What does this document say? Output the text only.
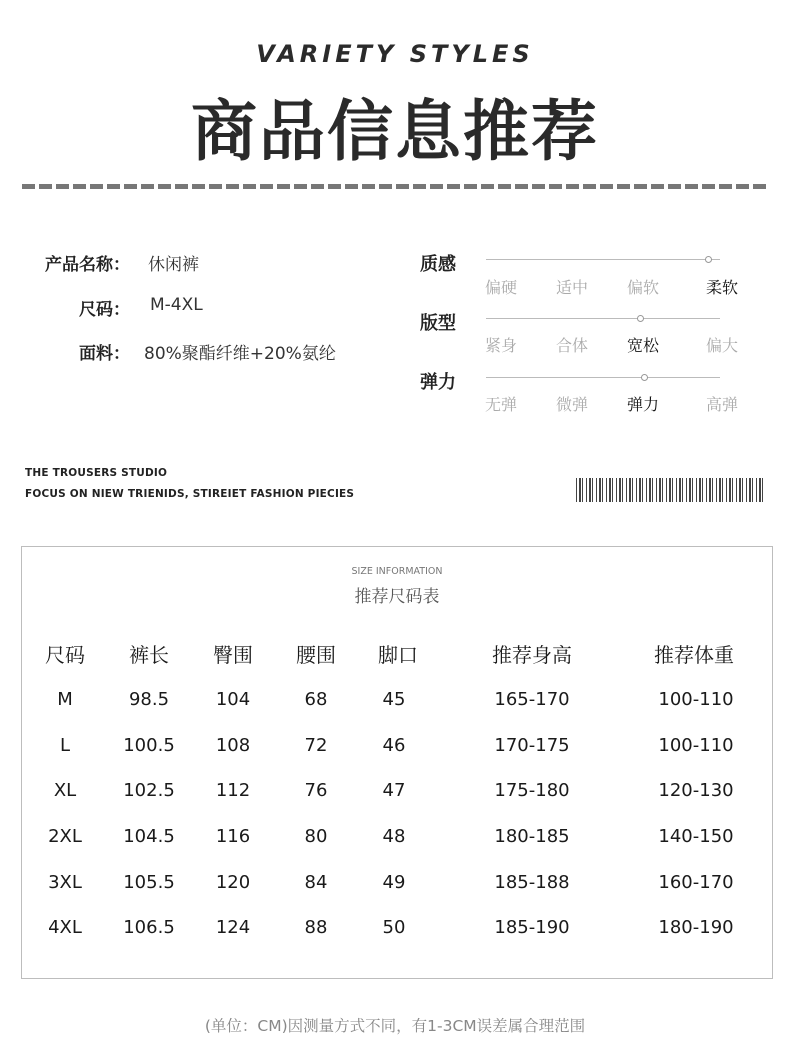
VARIETY STYLES
商品信息推荐
产品名称： 休闲裤
尺码： M-4XL
面料： 80%聚酯纤维+20%氨纶
质感
偏硬	适中	偏软	柔软
版型
紧身	合体	宽松	偏大
弹力
无弹	微弹	弹力	高弹
THE TROUSERS STUDIO
FOCUS ON NIEW TRIENIDS, STIREIET FASHION PIECIES
SIZE INFORMATION
推荐尺码表
尺码 裤长 臀围 腰围 脚口	推荐身高	推荐体重
M	98.5	104	68	45	165-170	100-110
L	100.5 108	72	46	170-175	100-110
XL	102.5 112	76	47	175-180	120-130
2XL 104.5 116	80	48	180-185	140-150
3XL 105.5 120	84	49	185-188	160-170
4XL 106.5 124	88	50	185-190	180-190
(单位：CM)因测量方式不同，有1-3CM误差属合理范围
